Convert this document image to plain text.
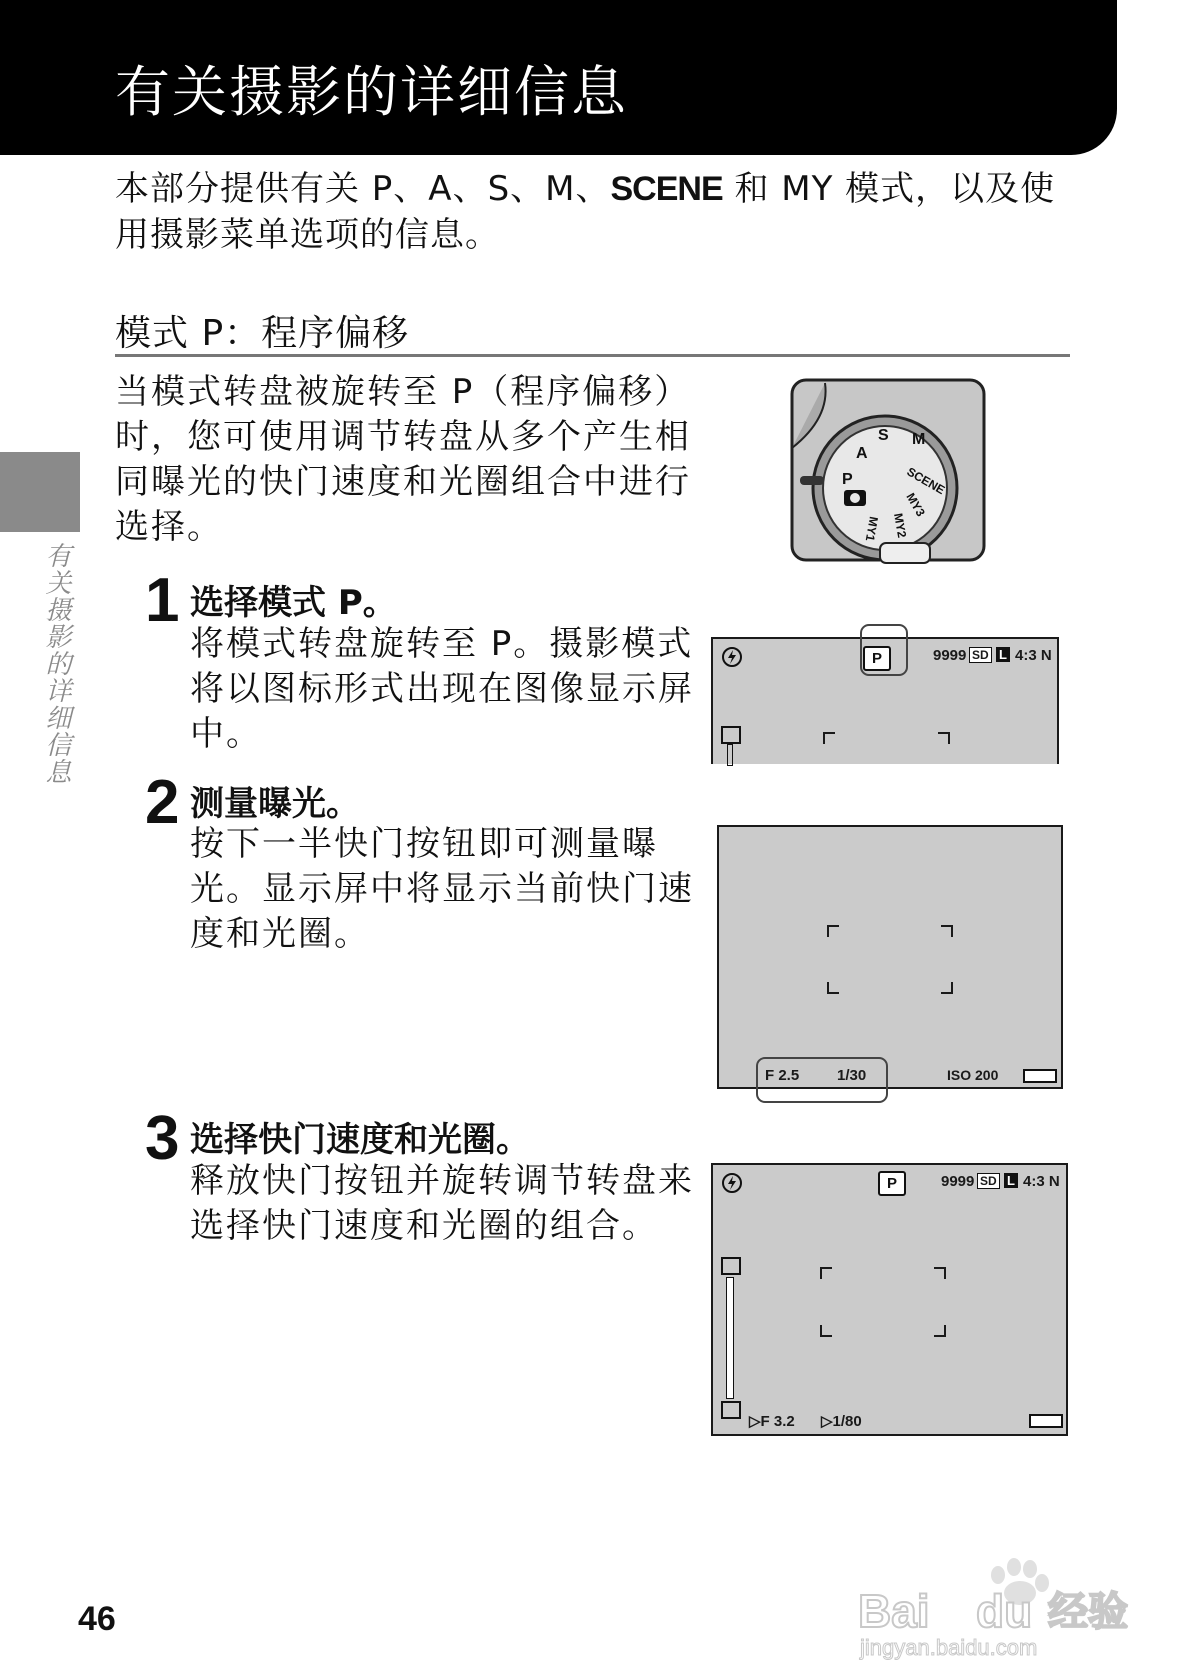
有关摄影的详细信息
本部分提供有关 P、A、S、M、SCENE 和 MY 模式，以及使用摄影菜单选项的信息。
模式 P：程序偏移
当模式转盘被旋转至 P（程序偏移）时，您可使用调节转盘从多个产生相同曝光的快门速度和光圈组合中进行选择。
有关摄影的详细信息
S M
A
P	SCENE
MY3
MY2
MY1
1 选择模式 P。
将模式转盘旋转至 P。摄影模式将以图标形式出现在图像显示屏中。
P	9999 SD L 4:3 N
2 测量曝光。
按下一半快门按钮即可测量曝光。显示屏中将显示当前快门速度和光圈。
F 2.5	1/30	ISO 200
3 选择快门速度和光圈。
释放快门按钮并旋转调节转盘来选择快门速度和光圈的组合。
P	9999 SD L 4:3 N
▷F 3.2 ▷1/80
46	Bai du 经验
jingyan.baidu.com
